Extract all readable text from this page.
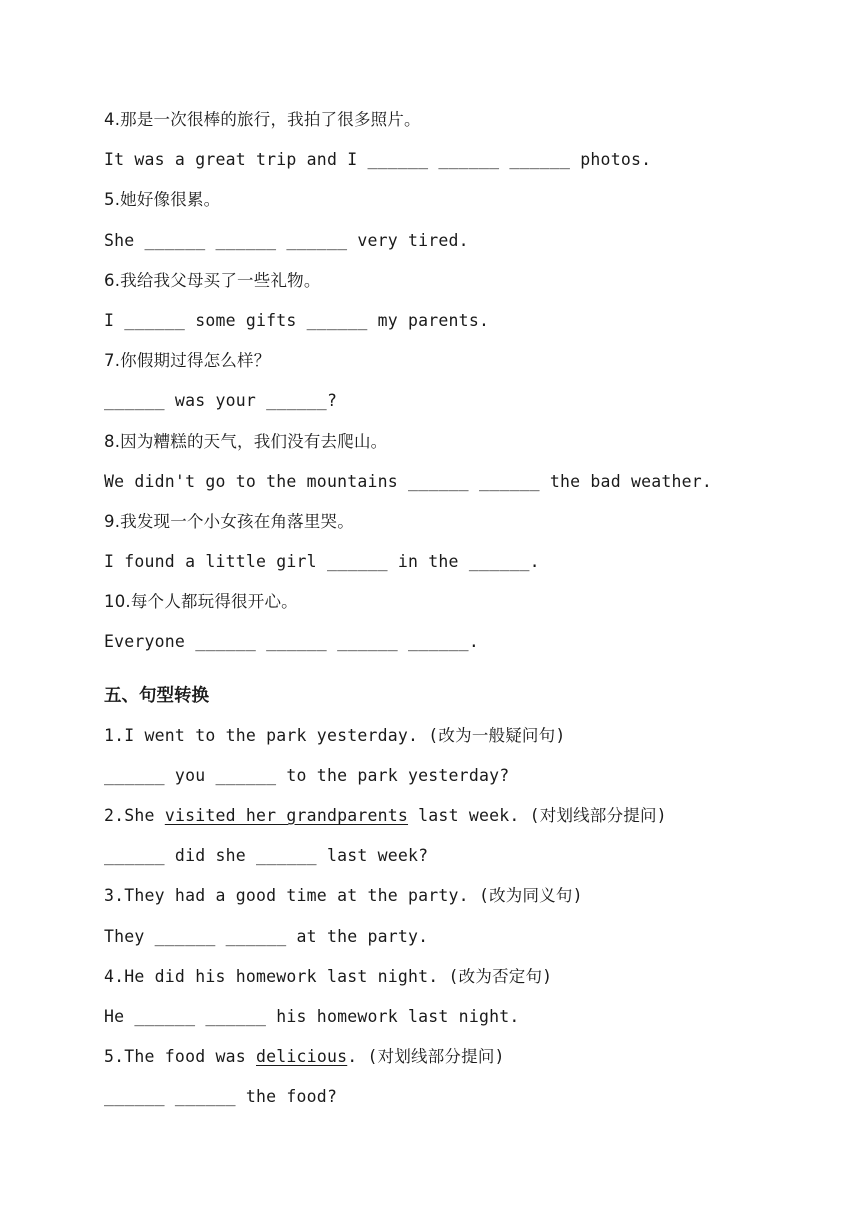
4.那是一次很棒的旅行，我拍了很多照片。
It was a great trip and I ______ ______ ______ photos.
5.她好像很累。
She ______ ______ ______ very tired.
6.我给我父母买了一些礼物。
I ______ some gifts ______ my parents.
7.你假期过得怎么样？
______ was your ______?
8.因为糟糕的天气，我们没有去爬山。
We didn't go to the mountains ______ ______ the bad weather.
9.我发现一个小女孩在角落里哭。
I found a little girl ______ in the ______.
10.每个人都玩得很开心。
Everyone ______ ______ ______ ______.
五、句型转换
1.I went to the park yesterday. (改为一般疑问句)
______ you ______ to the park yesterday?
2.She visited her grandparents last week. (对划线部分提问)
______ did she ______ last week?
3.They had a good time at the party. (改为同义句)
They ______ ______ at the party.
4.He did his homework last night. (改为否定句)
He ______ ______ his homework last night.
5.The food was delicious. (对划线部分提问)
______ ______ the food?
